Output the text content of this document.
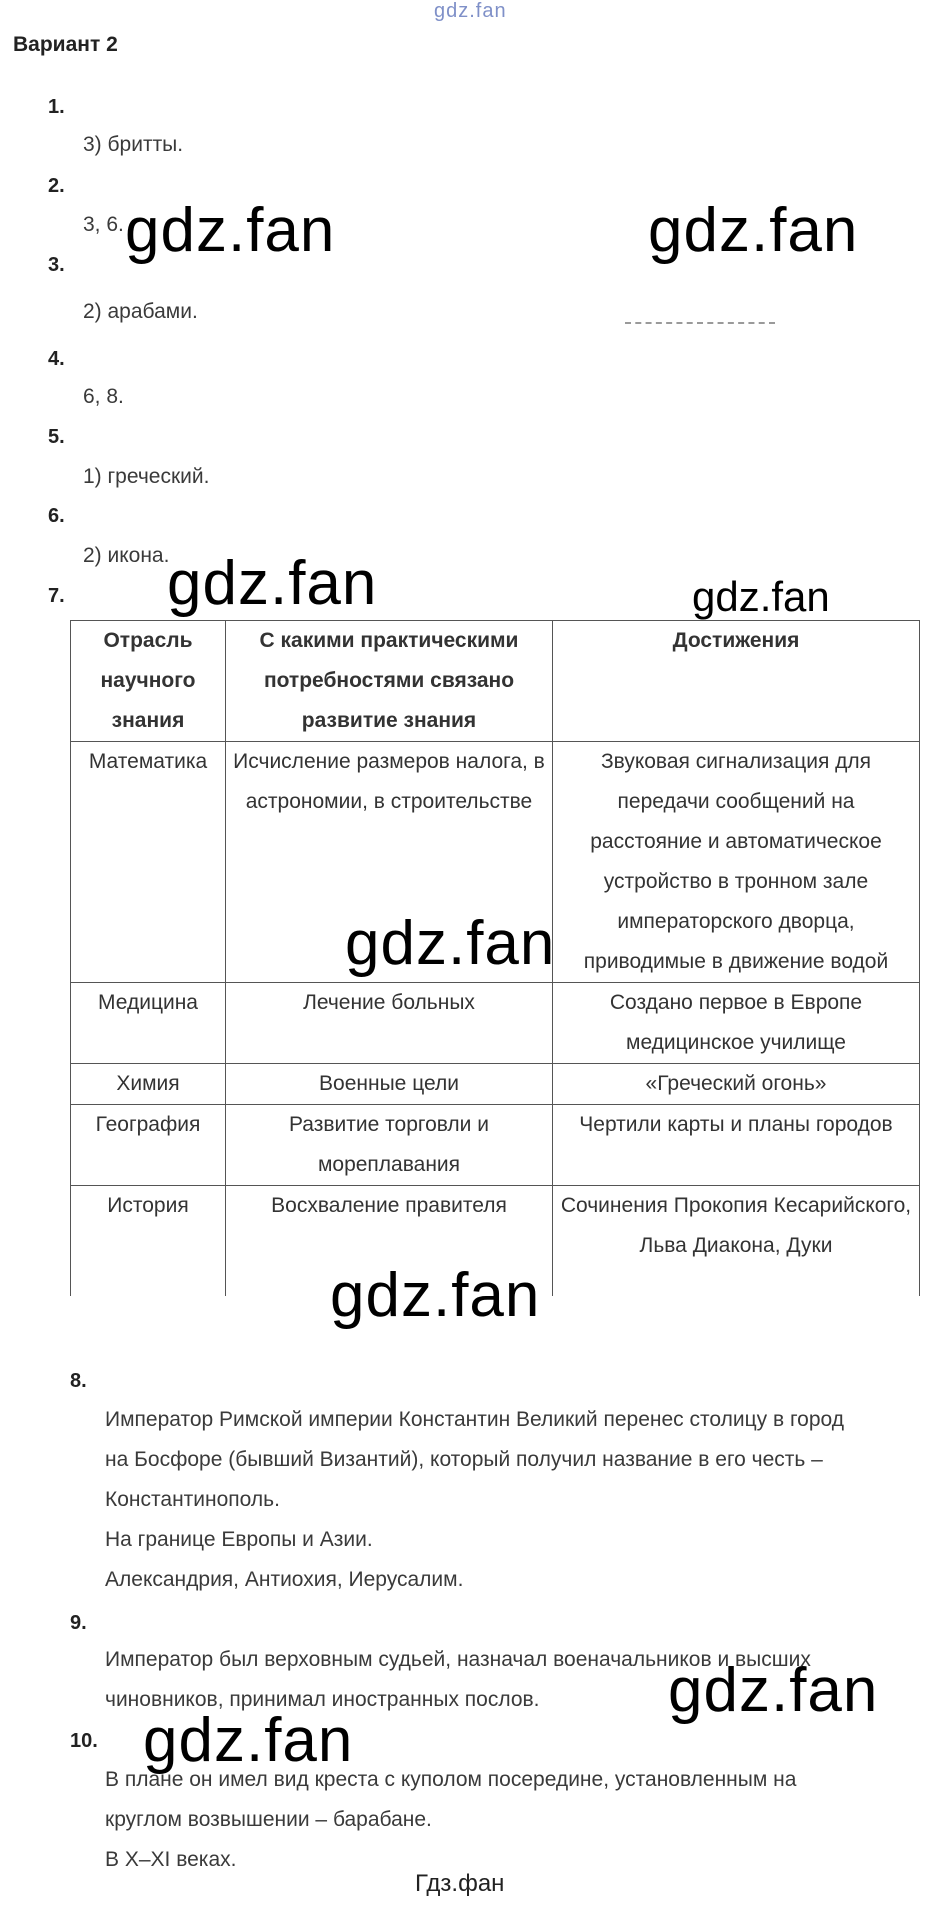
gdz.fan
Вариант 2
1.
3) бритты.
2.
3, 6.
3.
2) арабами.
4.
6, 8.
5.
1) греческий.
6.
2) икона.
7.
Отрасль научного знания	С какими практическими потребностями связано развитие знания	Достижения
Математика	Исчисление размеров налога, в астрономии, в строительстве	Звуковая сигнализация для передачи сообщений на расстояние и автоматическое устройство в тронном зале императорского дворца, приводимые в движение водой
Медицина	Лечение больных	Создано первое в Европе медицинское училище
Химия	Военные цели	«Греческий огонь»
География	Развитие торговли и мореплавания	Чертили карты и планы городов
История	Восхваление правителя	Сочинения Прокопия Кесарийского, Льва Диакона, Дуки
8.
Император Римской империи Константин Великий перенес столицу в город
на Босфоре (бывший Византий), который получил название в его честь –
Константинополь.
На границе Европы и Азии.
Александрия, Антиохия, Иерусалим.
9.
Император был верховным судьей, назначал военачальников и высших
чиновников, принимал иностранных послов.
10.
В плане он имел вид креста с куполом посередине, установленным на
круглом возвышении – барабане.
В X–XI веках.
gdz.fan	gdz.fan
gdz.fan	gdz.fan
gdz.fan
gdz.fan
gdz.fan
gdz.fan
Гдз.фан
